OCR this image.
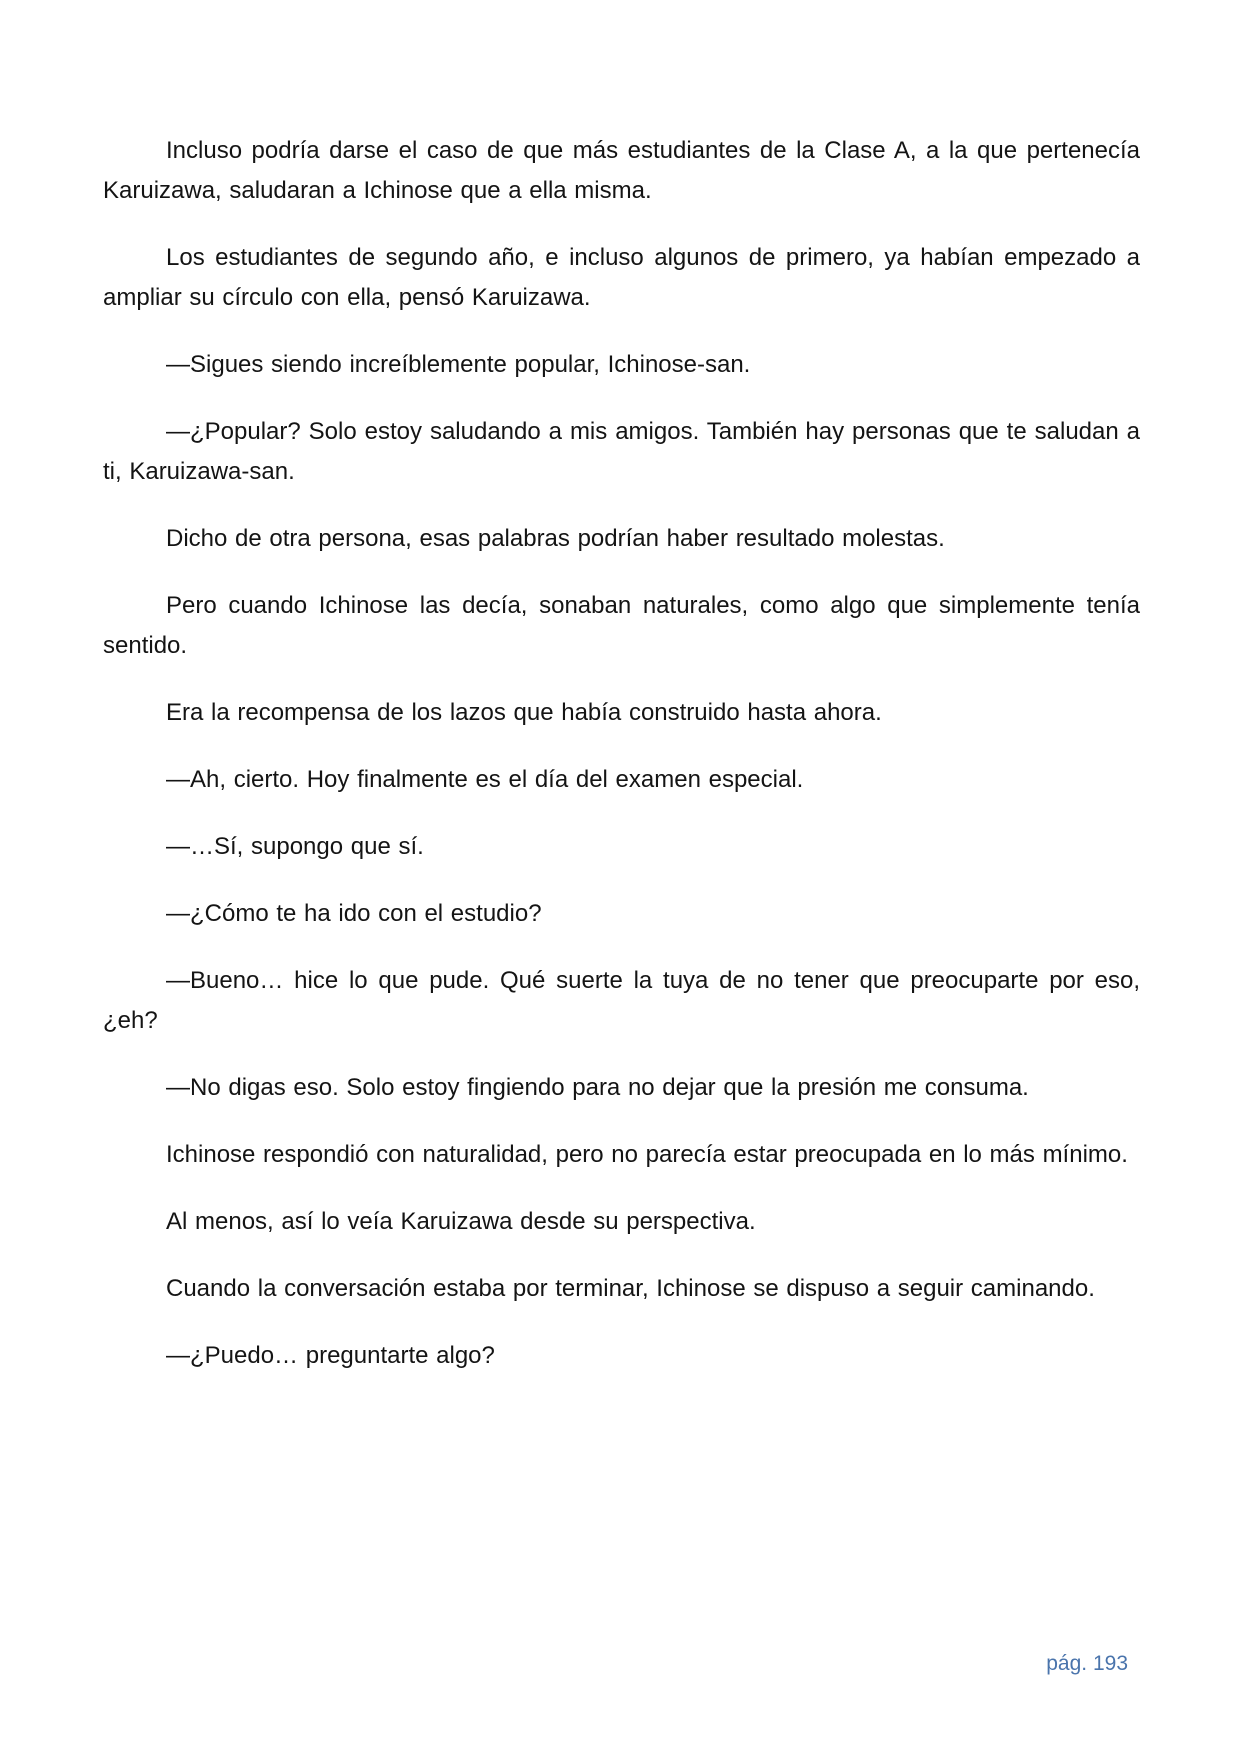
Incluso podría darse el caso de que más estudiantes de la Clase A, a la que pertenecía Karuizawa, saludaran a Ichinose que a ella misma.

Los estudiantes de segundo año, e incluso algunos de primero, ya habían empezado a ampliar su círculo con ella, pensó Karuizawa.

—Sigues siendo increíblemente popular, Ichinose-san.

—¿Popular? Solo estoy saludando a mis amigos. También hay personas que te saludan a ti, Karuizawa-san.

Dicho de otra persona, esas palabras podrían haber resultado molestas.

Pero cuando Ichinose las decía, sonaban naturales, como algo que simplemente tenía sentido.

Era la recompensa de los lazos que había construido hasta ahora.

—Ah, cierto. Hoy finalmente es el día del examen especial.

—…Sí, supongo que sí.

—¿Cómo te ha ido con el estudio?

—Bueno… hice lo que pude. Qué suerte la tuya de no tener que preocuparte por eso, ¿eh?

—No digas eso. Solo estoy fingiendo para no dejar que la presión me consuma.

Ichinose respondió con naturalidad, pero no parecía estar preocupada en lo más mínimo.

Al menos, así lo veía Karuizawa desde su perspectiva.

Cuando la conversación estaba por terminar, Ichinose se dispuso a seguir caminando.

—¿Puedo… preguntarte algo?

pág. 193
